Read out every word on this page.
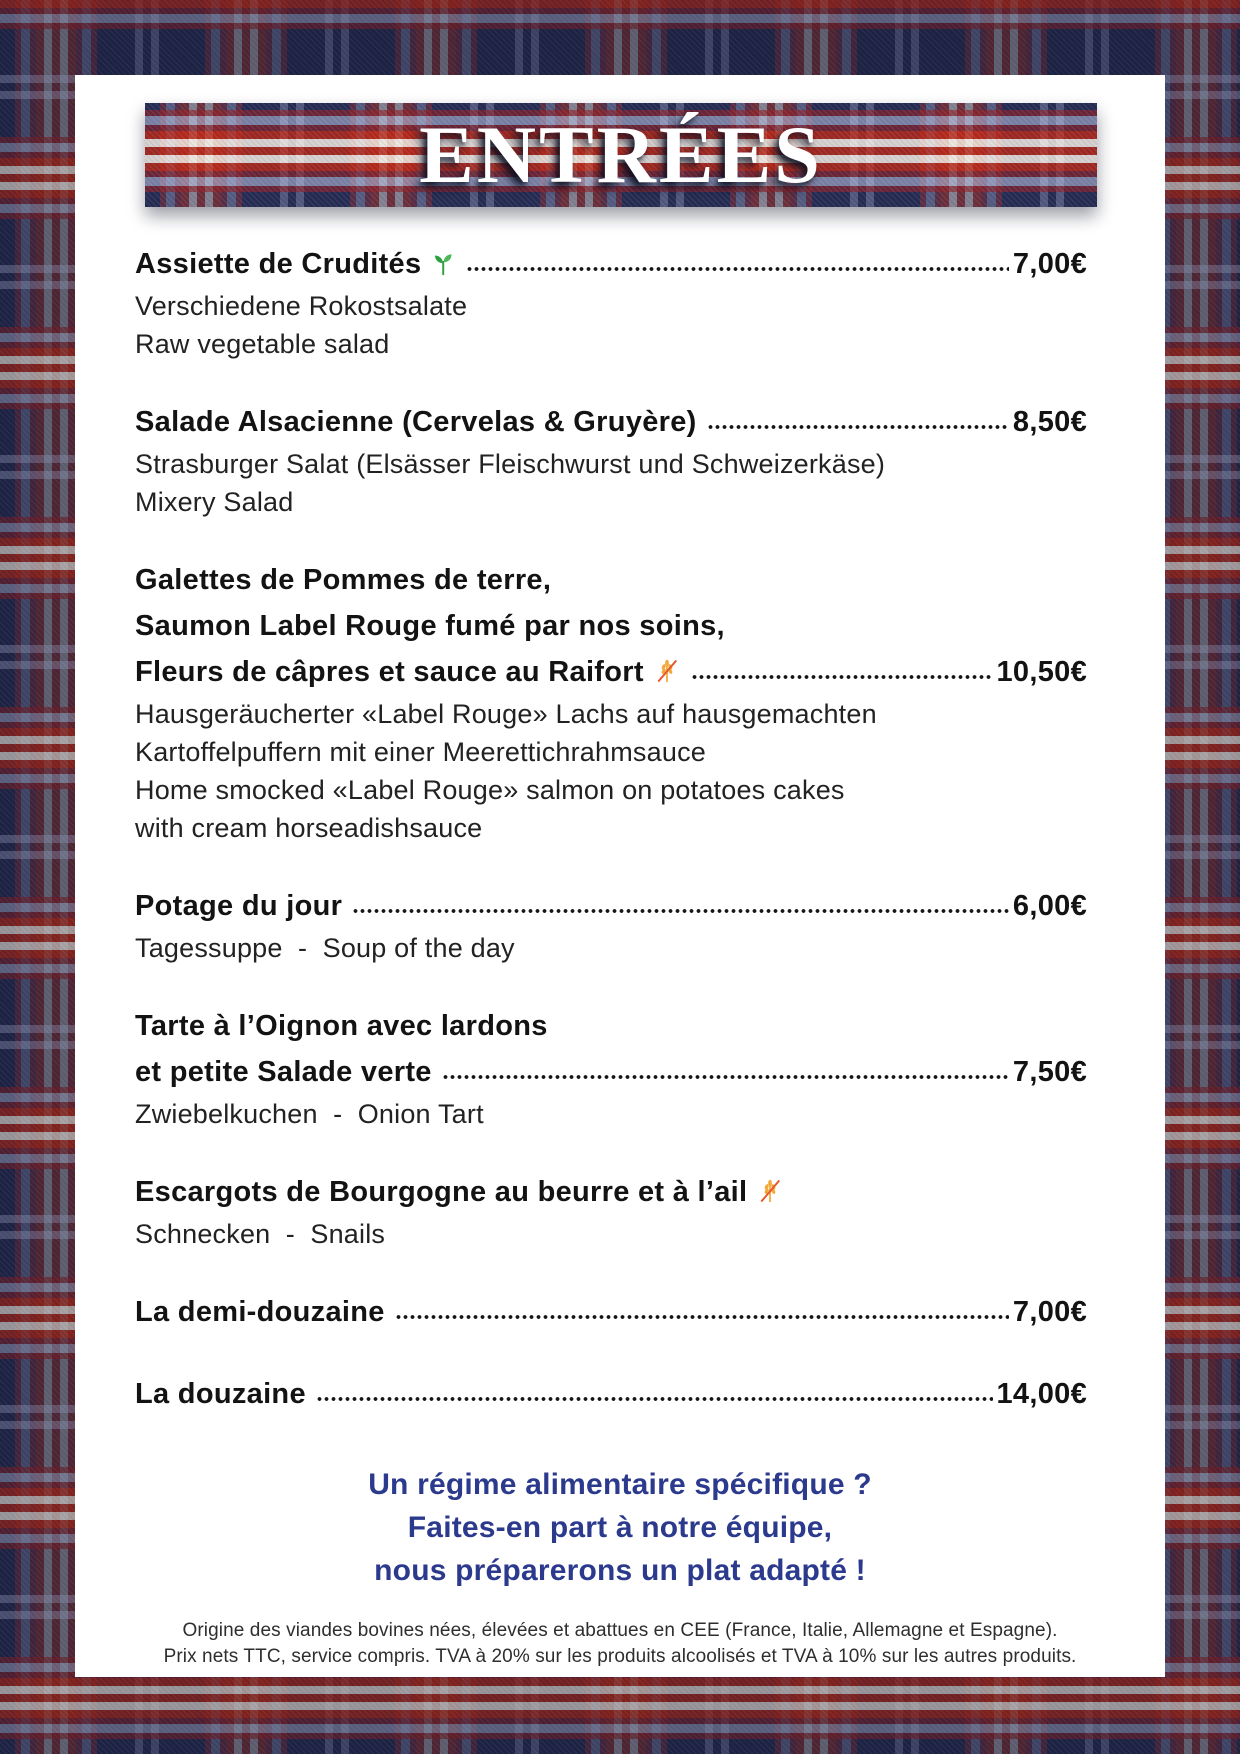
ENTRÉES
Assiette de Crudités	7,00€
Verschiedene Rokostsalate
Raw vegetable salad
Salade Alsacienne (Cervelas & Gruyère)	8,50€
Strasburger Salat (Elsässer Fleischwurst und Schweizerkäse)
Mixery Salad
Galettes de Pommes de terre,
Saumon Label Rouge fumé par nos soins,
Fleurs de câpres et sauce au Raifort	10,50€
Hausgeräucherter «Label Rouge» Lachs auf hausgemachten
Kartoffelpuffern mit einer Meerettichrahmsauce
Home smocked «Label Rouge» salmon on potatoes cakes
with cream horseadishsauce
Potage du jour	6,00€
Tagessuppe  -  Soup of the day
Tarte à l’Oignon avec lardons
et petite Salade verte	7,50€
Zwiebelkuchen  -  Onion Tart
Escargots de Bourgogne au beurre et à l’ail
Schnecken  -  Snails
La demi-douzaine	7,00€
La douzaine	14,00€
Un régime alimentaire spécifique ?
Faites-en part à notre équipe,
nous préparerons un plat adapté !
Origine des viandes bovines nées, élevées et abattues en CEE (France, Italie, Allemagne et Espagne).
Prix nets TTC, service compris. TVA à 20% sur les produits alcoolisés et TVA à 10% sur les autres produits.
